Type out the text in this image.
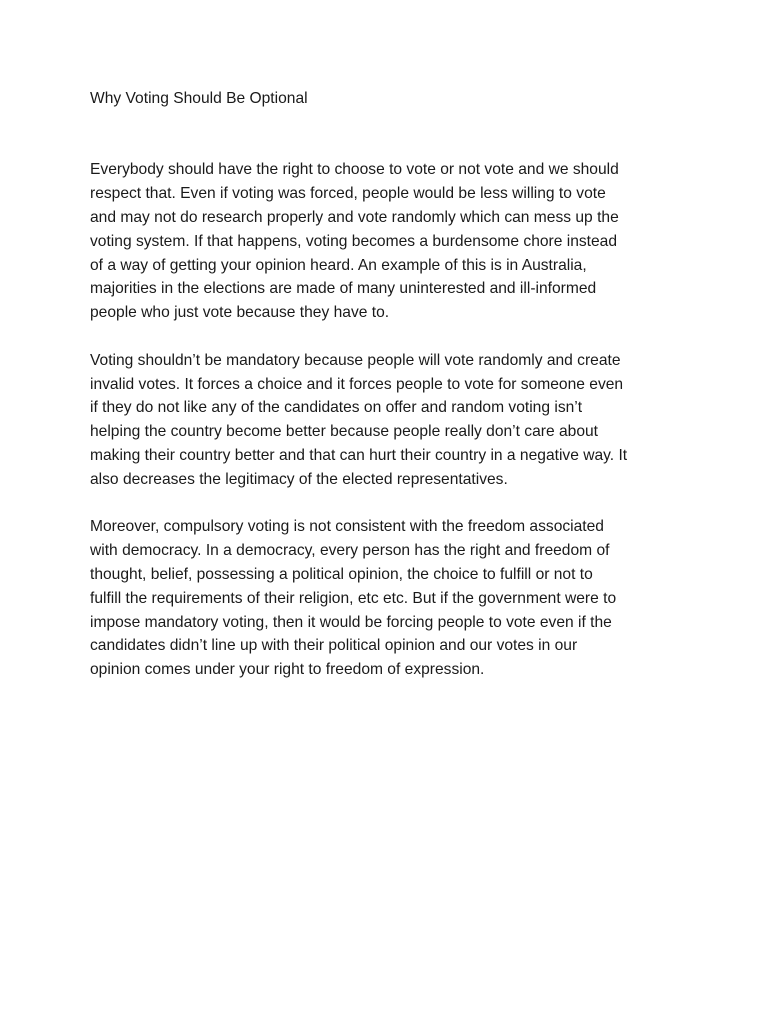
Why Voting Should Be Optional

Everybody should have the right to choose to vote or not vote and we should
respect that. Even if voting was forced, people would be less willing to vote
and may not do research properly and vote randomly which can mess up the
voting system. If that happens, voting becomes a burdensome chore instead
of a way of getting your opinion heard. An example of this is in Australia,
majorities in the elections are made of many uninterested and ill-informed
people who just vote because they have to.

Voting shouldn’t be mandatory because people will vote randomly and create
invalid votes. It forces a choice and it forces people to vote for someone even
if they do not like any of the candidates on offer and random voting isn’t
helping the country become better because people really don’t care about
making their country better and that can hurt their country in a negative way. It
also decreases the legitimacy of the elected representatives.

Moreover, compulsory voting is not consistent with the freedom associated
with democracy. In a democracy, every person has the right and freedom of
thought, belief, possessing a political opinion, the choice to fulfill or not to
fulfill the requirements of their religion, etc etc. But if the government were to
impose mandatory voting, then it would be forcing people to vote even if the
candidates didn’t line up with their political opinion and our votes in our
opinion comes under your right to freedom of expression.
